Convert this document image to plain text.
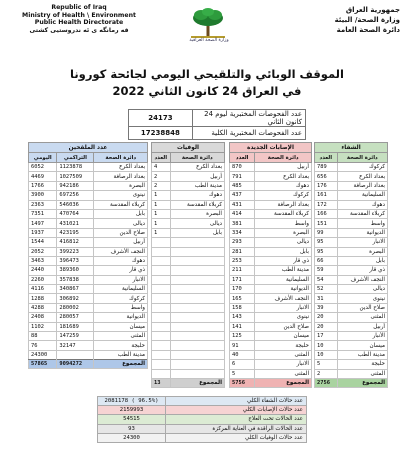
Republic of Iraq
Ministry of Health \ Environment
Public Health Directorate
قه رمانگه ى ئه ندروستيى كشتى
وزارة الصحة العراقية
جمهورية العراق
وزارة الصحة/ البيئة
دائرة الصحة العامة
الموقف الوبائي والتلقيحي اليومي لجائحة كورونا
في العراق 24 كانون الثاني 2022
24173	عدد الفحوصات المختبرية ليوم 24 كانون الثاني
17238848	عدد الفحوصات المختبرية الكلية
عدد الملقحين		
اليومي	التراكمي	دائرة الصحة
6052	1123878	بغداد الكرخ
4469	1027509	بغداد الرصافة
1766	942186	البصرة
3900	697256	نينوى
2363	546036	كربلاء المقدسة
7351	470764	بابل
1497	431021	ديالى
1937	423195	صلاح الدين
1544	416812	أربيل
2052	399223	النجف الأشرف
3463	396473	دهوك
2440	389360	ذي قار
2260	357838	الانبار
4116	340867	السليمانية
1288	306892	كركوك
4288	280002	واسط
2408	280057	الديوانية
1102	181689	ميسان
88	147259	المثنى
76	32147	حلبجة
24300		مدينة الطب

57865	9094272	المجموع
الوفيات	
العدد	دائرة الصحة
4	بغداد الكرخ
2	أربيل
2	مدينة الطب
1	دهوك
1	كربلاء المقدسة
1	البصرة
1	ديالى
1	بابل

13	المجموع
الإصابات الجديدة	
العدد	دائرة الصحة
870	أربيل
791	بغداد الكرخ
485	دهوك
437	كركوك
431	بغداد الرصافة
414	كربلاء المقدسة
381	واسط
334	البصرة
293	ديالى
281	بابل
253	ذي قار
211	مدينة الطب
171	السليمانية
170	الديوانية
165	النجف الأشرف
158	الانبار
143	نينوى
141	صلاح الدين
125	ميسان
91	حلبجة
40	المثنى
6	الانبار
5	المثنى
5756	المجموع
الشفاء	
العدد	دائرة الصحة
789	كركوك
656	بغداد الكرخ
176	بغداد الرصافة
161	السليمانية
172	دهوك
166	كربلاء المقدسة
151	واسط
99	الديوانية
95	الانبار
95	البصرة
66	بابل
59	ذي قار
54	النجف الأشرف
52	ديالى
31	نينوى
39	صلاح الدين
20	المثنى
20	أربيل
17	الأنبار
10	ميسان
10	مدينة الطب
5	حلبجة
2	المثنى
2756	المجموع
2081178 ( 96.5%)	عدد حالات الشفاء الكلي
2159993	عدد حالات الإصابات الكلي
54515	عدد الحالات تحت العلاج
93	عدد الحالات الراقدة في العناية المركزة
24300	عدد حالات الوفيات الكلي
